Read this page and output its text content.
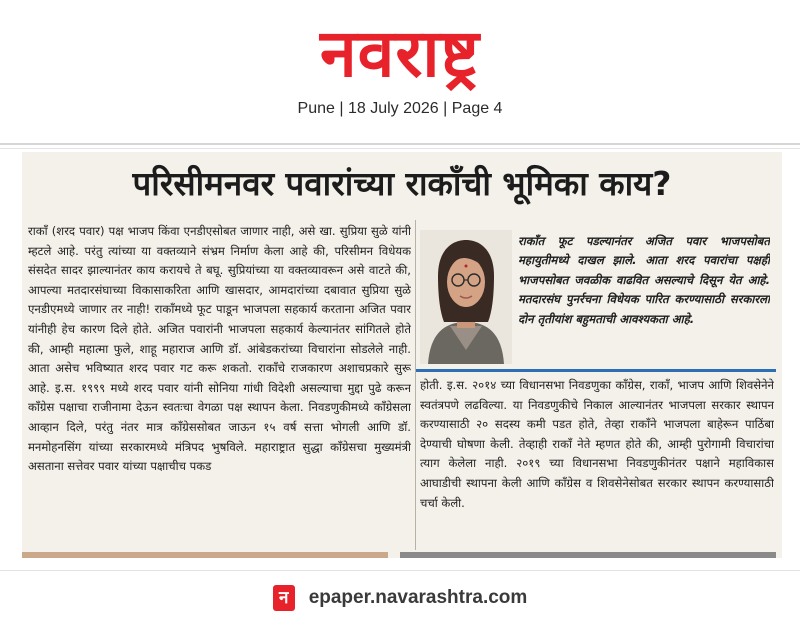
नवराष्ट्र
Pune | 18 July 2026 | Page 4
परिसीमनवर पवारांच्या राकाँची भूमिका काय?
राकाँ (शरद पवार) पक्ष भाजप किंवा एनडीएसोबत जाणार नाही, असे खा. सुप्रिया सुळे यांनी म्हटले आहे. परंतु त्यांच्या या वक्तव्याने संभ्रम निर्माण केला आहे की, परिसीमन विधेयक संसदेत सादर झाल्यानंतर काय करायचे ते बघू. सुप्रियांच्या या वक्तव्यावरून असे वाटते की, आपल्या मतदारसंघाच्या विकासाकरिता आणि खासदार, आमदारांच्या दबावात सुप्रिया सुळे एनडीएमध्ये जाणार तर नाही! राकाँमध्ये फूट पाडून भाजपला सहकार्य करताना अजित पवार यांनीही हेच कारण दिले होते. अजित पवारांनी भाजपला सहकार्य केल्यानंतर सांगितले होते की, आम्ही महात्मा फुले, शाहू महाराज आणि डॉ. आंबेडकरांच्या विचारांना सोडलेले नाही. आता असेच भविष्यात शरद पवार गट करू शकतो. राकाँचे राजकारण अशाचप्रकारे सुरू आहे. इ.स. १९९९ मध्ये शरद पवार यांनी सोनिया गांधी विदेशी असल्याचा मुद्दा पुढे करून काँग्रेस पक्षाचा राजीनामा देऊन स्वतःचा वेगळा पक्ष स्थापन केला. निवडणुकीमध्ये काँग्रेसला आव्हान दिले, परंतु नंतर मात्र काँग्रेससोबत जाऊन १५ वर्ष सत्ता भोगली आणि डॉ. मनमोहनसिंग यांच्या सरकारमध्ये मंत्रिपद भुषविले. महाराष्ट्रात सुद्धा काँग्रेसचा मुख्यमंत्री असताना सत्तेवर पवार यांच्या पक्षाचीच पकड
राकाँत फूट पडल्यानंतर अजित पवार भाजपसोबत महायुतीमध्ये दाखल झाले. आता शरद पवारांचा पक्षही भाजपसोबत जवळीक वाढवित असल्याचे दिसून येत आहे. मतदारसंघ पुनर्रचना विधेयक पारित करण्यासाठी सरकारला दोन तृतीयांश बहुमताची आवश्यकता आहे.
होती. इ.स. २०१४ च्या विधानसभा निवडणुका काँग्रेस, राकाँ, भाजप आणि शिवसेनेने स्वतंत्रपणे लढविल्या. या निवडणुकीचे निकाल आल्यानंतर भाजपला सरकार स्थापन करण्यासाठी २० सदस्य कमी पडत होते, तेव्हा राकाँने भाजपला बाहेरून पाठिंबा देण्याची घोषणा केली. तेव्हाही राकाँ नेते म्हणत होते की, आम्ही पुरोगामी विचारांचा त्याग केलेला नाही. २०१९ च्या विधानसभा निवडणुकीनंतर पक्षाने महाविकास आघाडीची स्थापना केली आणि काँग्रेस व शिवसेनेसोबत सरकार स्थापन करण्यासाठी चर्चा केली.
न	epaper.navarashtra.com
